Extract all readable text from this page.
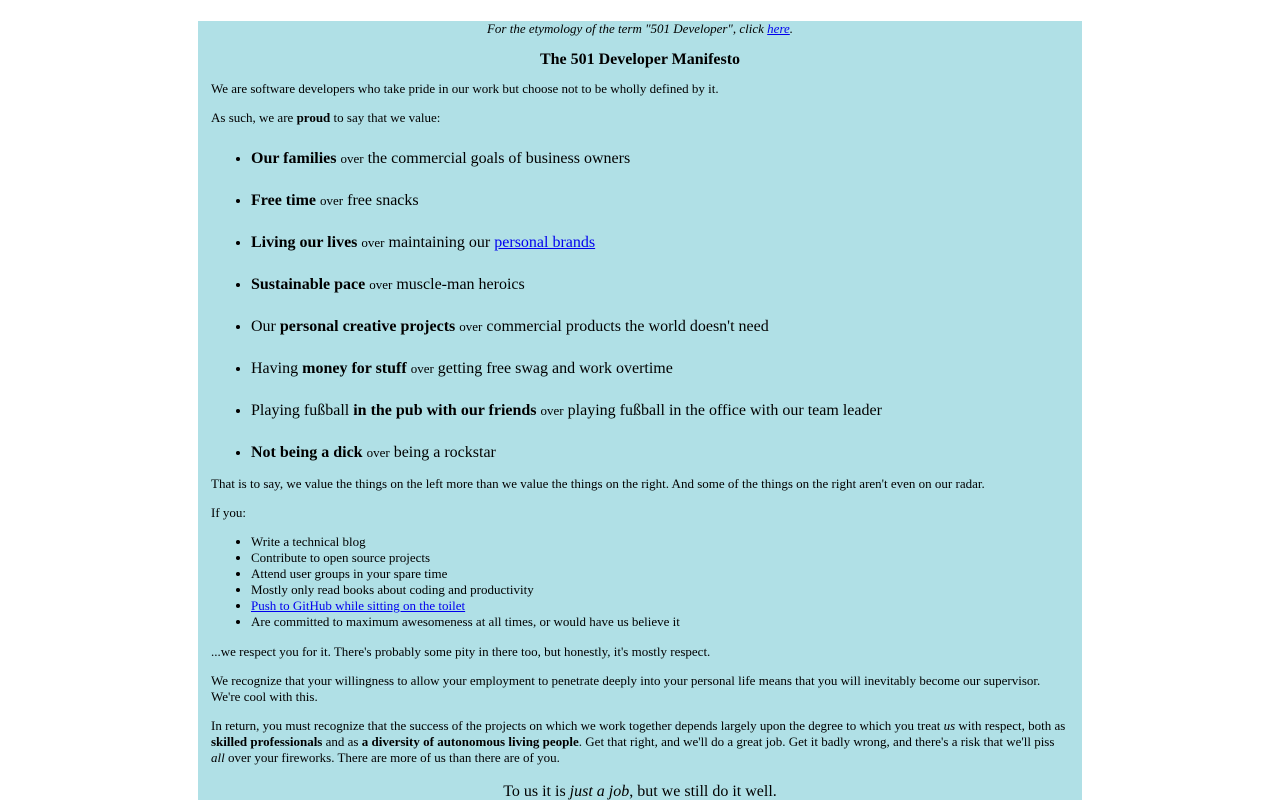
For the etymology of the term "501 Developer", click here.

The 501 Developer Manifesto

We are software developers who take pride in our work but choose not to be wholly defined by it.

As such, we are proud to say that we value:

• Our families over the commercial goals of business owners
• Free time over free snacks
• Living our lives over maintaining our personal brands
• Sustainable pace over muscle-man heroics
• Our personal creative projects over commercial products the world doesn't need
• Having money for stuff over getting free swag and work overtime
• Playing fußball in the pub with our friends over playing fußball in the office with our team leader
• Not being a dick over being a rockstar

That is to say, we value the things on the left more than we value the things on the right. And some of the things on the right aren't even on our radar.

If you:

• Write a technical blog
• Contribute to open source projects
• Attend user groups in your spare time
• Mostly only read books about coding and productivity
• Push to GitHub while sitting on the toilet
• Are committed to maximum awesomeness at all times, or would have us believe it

...we respect you for it. There's probably some pity in there too, but honestly, it's mostly respect.

We recognize that your willingness to allow your employment to penetrate deeply into your personal life means that you will inevitably become our supervisor. We're cool with this.

In return, you must recognize that the success of the projects on which we work together depends largely upon the degree to which you treat us with respect, both as skilled professionals and as a diversity of autonomous living people. Get that right, and we'll do a great job. Get it badly wrong, and there's a risk that we'll piss all over your fireworks. There are more of us than there are of you.

To us it is just a job, but we still do it well.
